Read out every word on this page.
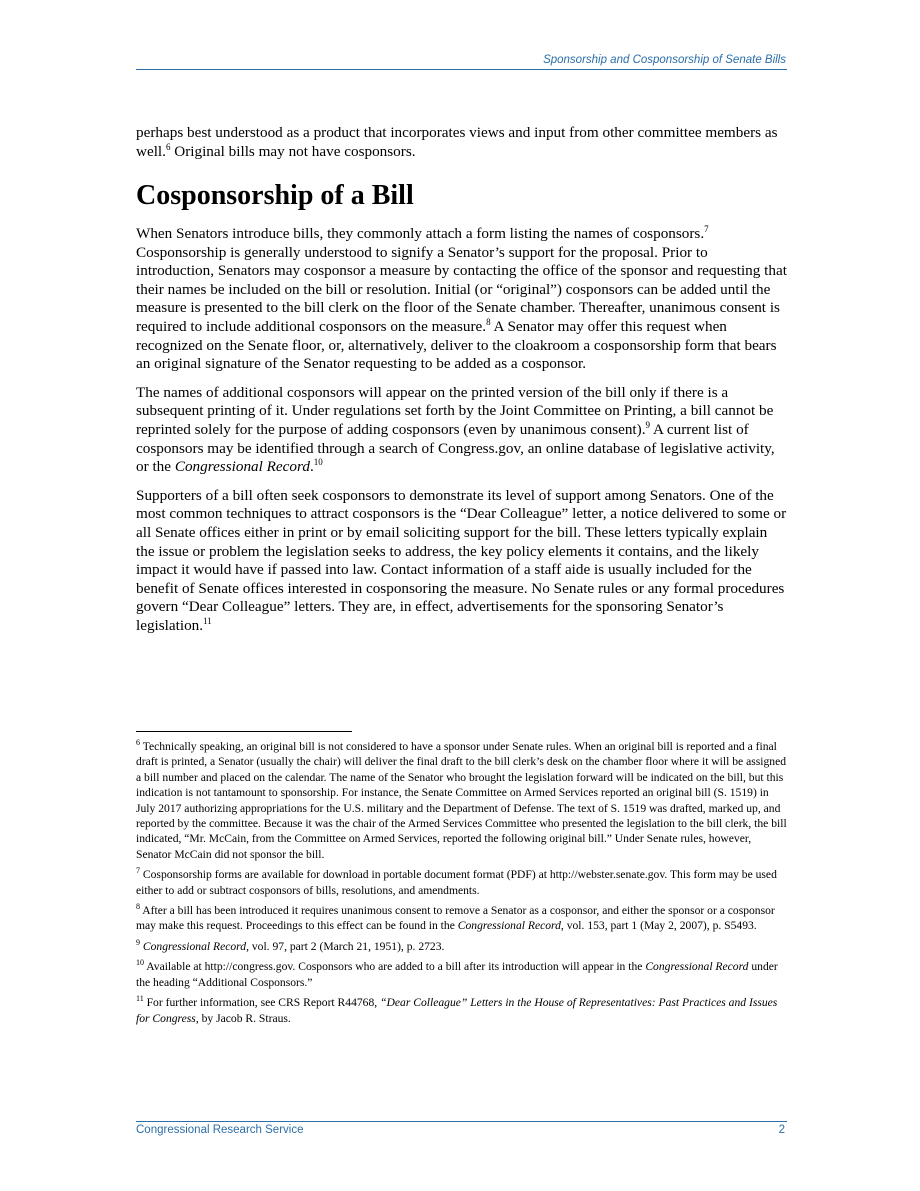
Sponsorship and Cosponsorship of Senate Bills

perhaps best understood as a product that incorporates views and input from other committee members as well.$^6$ Original bills may not have cosponsors.

Cosponsorship of a Bill

When Senators introduce bills, they commonly attach a form listing the names of cosponsors.$^7$ Cosponsorship is generally understood to signify a Senator’s support for the proposal. Prior to introduction, Senators may cosponsor a measure by contacting the office of the sponsor and requesting that their names be included on the bill or resolution. Initial (or “original”) cosponsors can be added until the measure is presented to the bill clerk on the floor of the Senate chamber. Thereafter, unanimous consent is required to include additional cosponsors on the measure.$^8$ A Senator may offer this request when recognized on the Senate floor, or, alternatively, deliver to the cloakroom a cosponsorship form that bears an original signature of the Senator requesting to be added as a cosponsor.

The names of additional cosponsors will appear on the printed version of the bill only if there is a subsequent printing of it. Under regulations set forth by the Joint Committee on Printing, a bill cannot be reprinted solely for the purpose of adding cosponsors (even by unanimous consent).$^9$ A current list of cosponsors may be identified through a search of Congress.gov, an online database of legislative activity, or the Congressional Record.$^{10}$

Supporters of a bill often seek cosponsors to demonstrate its level of support among Senators. One of the most common techniques to attract cosponsors is the “Dear Colleague” letter, a notice delivered to some or all Senate offices either in print or by email soliciting support for the bill. These letters typically explain the issue or problem the legislation seeks to address, the key policy elements it contains, and the likely impact it would have if passed into law. Contact information of a staff aide is usually included for the benefit of Senate offices interested in cosponsoring the measure. No Senate rules or any formal procedures govern “Dear Colleague” letters. They are, in effect, advertisements for the sponsoring Senator’s legislation.$^{11}$

$^6$ Technically speaking, an original bill is not considered to have a sponsor under Senate rules. When an original bill is reported and a final draft is printed, a Senator (usually the chair) will deliver the final draft to the bill clerk’s desk on the chamber floor where it will be assigned a bill number and placed on the calendar. The name of the Senator who brought the legislation forward will be indicated on the bill, but this indication is not tantamount to sponsorship. For instance, the Senate Committee on Armed Services reported an original bill (S. 1519) in July 2017 authorizing appropriations for the U.S. military and the Department of Defense. The text of S. 1519 was drafted, marked up, and reported by the committee. Because it was the chair of the Armed Services Committee who presented the legislation to the bill clerk, the bill indicated, “Mr. McCain, from the Committee on Armed Services, reported the following original bill.” Under Senate rules, however, Senator McCain did not sponsor the bill.
$^7$ Cosponsorship forms are available for download in portable document format (PDF) at http://webster.senate.gov. This form may be used either to add or subtract cosponsors of bills, resolutions, and amendments.
$^8$ After a bill has been introduced it requires unanimous consent to remove a Senator as a cosponsor, and either the sponsor or a cosponsor may make this request. Proceedings to this effect can be found in the Congressional Record, vol. 153, part 1 (May 2, 2007), p. S5493.
$^9$ Congressional Record, vol. 97, part 2 (March 21, 1951), p. 2723.
$^{10}$ Available at http://congress.gov. Cosponsors who are added to a bill after its introduction will appear in the Congressional Record under the heading “Additional Cosponsors.”
$^{11}$ For further information, see CRS Report R44768, “Dear Colleague” Letters in the House of Representatives: Past Practices and Issues for Congress, by Jacob R. Straus.
Congressional Research Service	2
